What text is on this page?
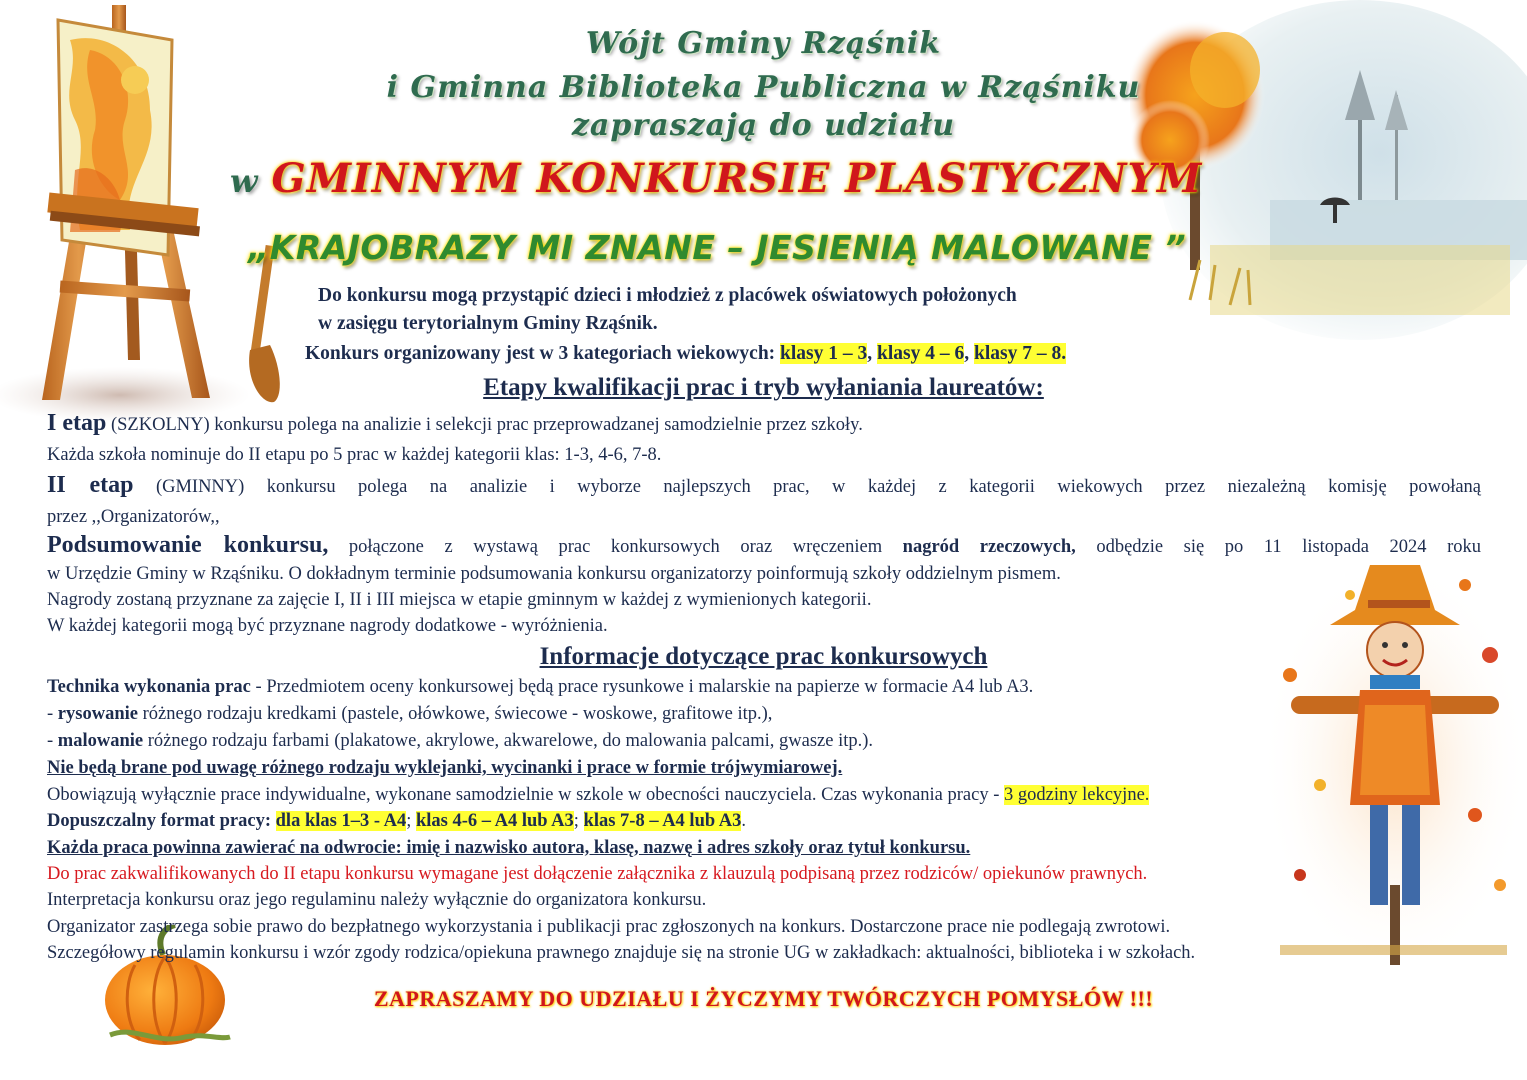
Wójt Gminy Rząśnik
i Gminna Biblioteka Publiczna w Rząśniku
zapraszają do udziału
w GMINNYM KONKURSIE PLASTYCZNYM
„KRAJOBRAZY MI ZNANE – JESIENIĄ MALOWANE ”
Do konkursu mogą przystąpić dzieci i młodzież z placówek oświatowych położonych
w zasięgu terytorialnym Gminy Rząśnik.
Konkurs organizowany jest w 3 kategoriach wiekowych: klasy 1 – 3, klasy 4 – 6, klasy 7 – 8.
Etapy kwalifikacji prac i tryb wyłaniania laureatów:
I etap (SZKOLNY) konkursu polega na analizie i selekcji prac przeprowadzanej samodzielnie przez szkoły.
Każda szkoła nominuje do II etapu po 5 prac w każdej kategorii klas: 1-3, 4-6, 7-8.
II etap (GMINNY) konkursu polega na analizie i wyborze najlepszych prac, w każdej z kategorii wiekowych przez niezależną komisję powołaną
przez ,,Organizatorów,,
Podsumowanie konkursu, połączone z wystawą prac konkursowych oraz wręczeniem nagród rzeczowych, odbędzie się po 11 listopada 2024 roku
w Urzędzie Gminy w Rząśniku. O dokładnym terminie podsumowania konkursu organizatorzy poinformują szkoły oddzielnym pismem.
Nagrody zostaną przyznane za zajęcie I, II i III miejsca w etapie gminnym w każdej z wymienionych kategorii.
W każdej kategorii mogą być przyznane nagrody dodatkowe - wyróżnienia.
Informacje dotyczące prac konkursowych
Technika wykonania prac - Przedmiotem oceny konkursowej będą prace rysunkowe i malarskie na papierze w formacie A4 lub A3.
- rysowanie różnego rodzaju kredkami (pastele, ołówkowe, świecowe - woskowe, grafitowe itp.),
- malowanie różnego rodzaju farbami (plakatowe, akrylowe, akwarelowe, do malowania palcami, gwasze itp.).
Nie będą brane pod uwagę różnego rodzaju wyklejanki, wycinanki i prace w formie trójwymiarowej.
Obowiązują wyłącznie prace indywidualne, wykonane samodzielnie w szkole w obecności nauczyciela. Czas wykonania pracy - 3 godziny lekcyjne.
Dopuszczalny format pracy: dla klas 1–3 - A4; klas 4-6 – A4 lub A3; klas 7-8 – A4 lub A3.
Każda praca powinna zawierać na odwrocie: imię i nazwisko autora, klasę, nazwę i adres szkoły oraz tytuł konkursu.
Do prac zakwalifikowanych do II etapu konkursu wymagane jest dołączenie załącznika z klauzulą podpisaną przez rodziców/ opiekunów prawnych.
Interpretacja konkursu oraz jego regulaminu należy wyłącznie do organizatora konkursu.
Organizator zastrzega sobie prawo do bezpłatnego wykorzystania i publikacji prac zgłoszonych na konkurs. Dostarczone prace nie podlegają zwrotowi.
Szczegółowy regulamin konkursu i wzór zgody rodzica/opiekuna prawnego znajduje się na stronie UG w zakładkach: aktualności, biblioteka i w szkołach.
ZAPRASZAMY DO UDZIAŁU I ŻYCZYMY TWÓRCZYCH POMYSŁÓW !!!
